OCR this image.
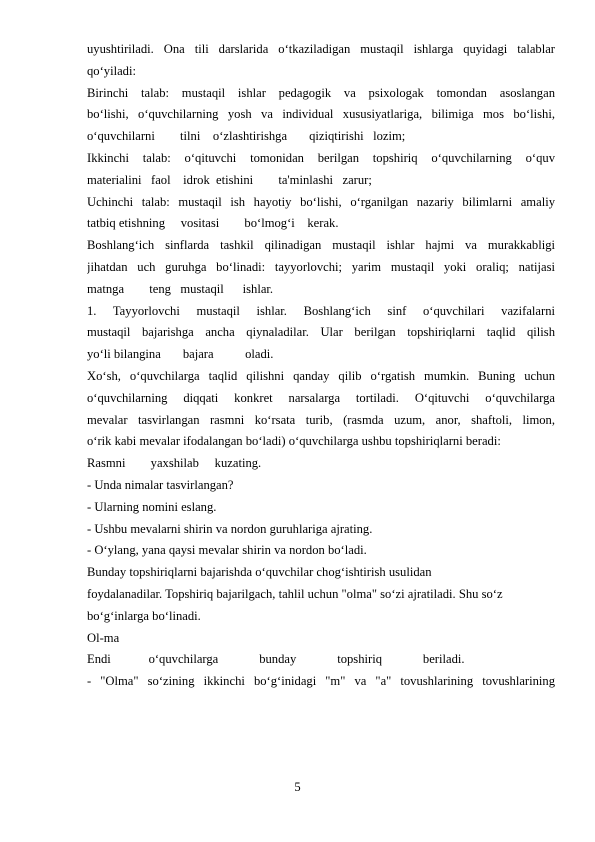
uyushtiriladi. Ona tili darslarida oʻtkaziladigan mustaqil ishlarga quyidagi talablar
qoʻyiladi:
Birinchi talab: mustaqil ishlar pedagogik va psixologak tomondan asoslangan
boʻlishi, oʻquvchilarning yosh va individual xususiyatlariga, bilimiga mos boʻlishi,
oʻquvchilarni        tilni    oʻzlashtirishga       qiziqtirishi   lozim;
Ikkinchi talab: oʻqituvchi tomonidan berilgan topshiriq oʻquvchilarning oʻquv
materialini   faol    idrok  etishini        ta'minlashi   zarur;
Uchinchi talab: mustaqil ish hayotiy boʻlishi, oʻrganilgan nazariy bilimlarni amaliy
tatbiq etishning     vositasi        boʻlmogʻi    kerak.
Boshlangʻich sinflarda tashkil qilinadigan mustaqil ishlar hajmi va murakkabligi
jihatdan uch guruhga boʻlinadi: tayyorlovchi; yarim mustaqil yoki oraliq; natijasi
matnga        teng   mustaqil      ishlar.
1. Tayyorlovchi mustaqil ishlar. Boshlangʻich sinf oʻquvchilari vazifalarni
mustaqil bajarishga ancha qiynaladilar. Ular berilgan topshiriqlarni taqlid qilish
yoʻli bilangina       bajara          oladi.
Xoʻsh, oʻquvchilarga taqlid qilishni qanday qilib oʻrgatish mumkin. Buning uchun
oʻquvchilarning diqqati konkret narsalarga tortiladi. Oʻqituvchi oʻquvchilarga
mevalar tasvirlangan rasmni koʻrsata turib, (rasmda uzum, anor, shaftoli, limon,
oʻrik kabi mevalar ifodalangan boʻladi) oʻquvchilarga ushbu topshiriqlarni beradi:
Rasmni        yaxshilab     kuzating.
- Unda nimalar tasvirlangan?
- Ularning nomini eslang.
- Ushbu mevalarni shirin va nordon guruhlariga ajrating.
- Oʻylang, yana qaysi mevalar shirin va nordon boʻladi.
Bunday topshiriqlarni bajarishda oʻquvchilar chogʻishtirish usulidan
foydalanadilar. Topshiriq bajarilgach, tahlil uchun "olma" soʻzi ajratiladi. Shu soʻz
boʻgʻinlarga boʻlinadi.
Ol-ma
Endi            oʻquvchilarga             bunday             topshiriq             beriladi.
- "Olma" soʻzining ikkinchi boʻgʻinidagi "m" va "a" tovushlarining tovushlarining
5
